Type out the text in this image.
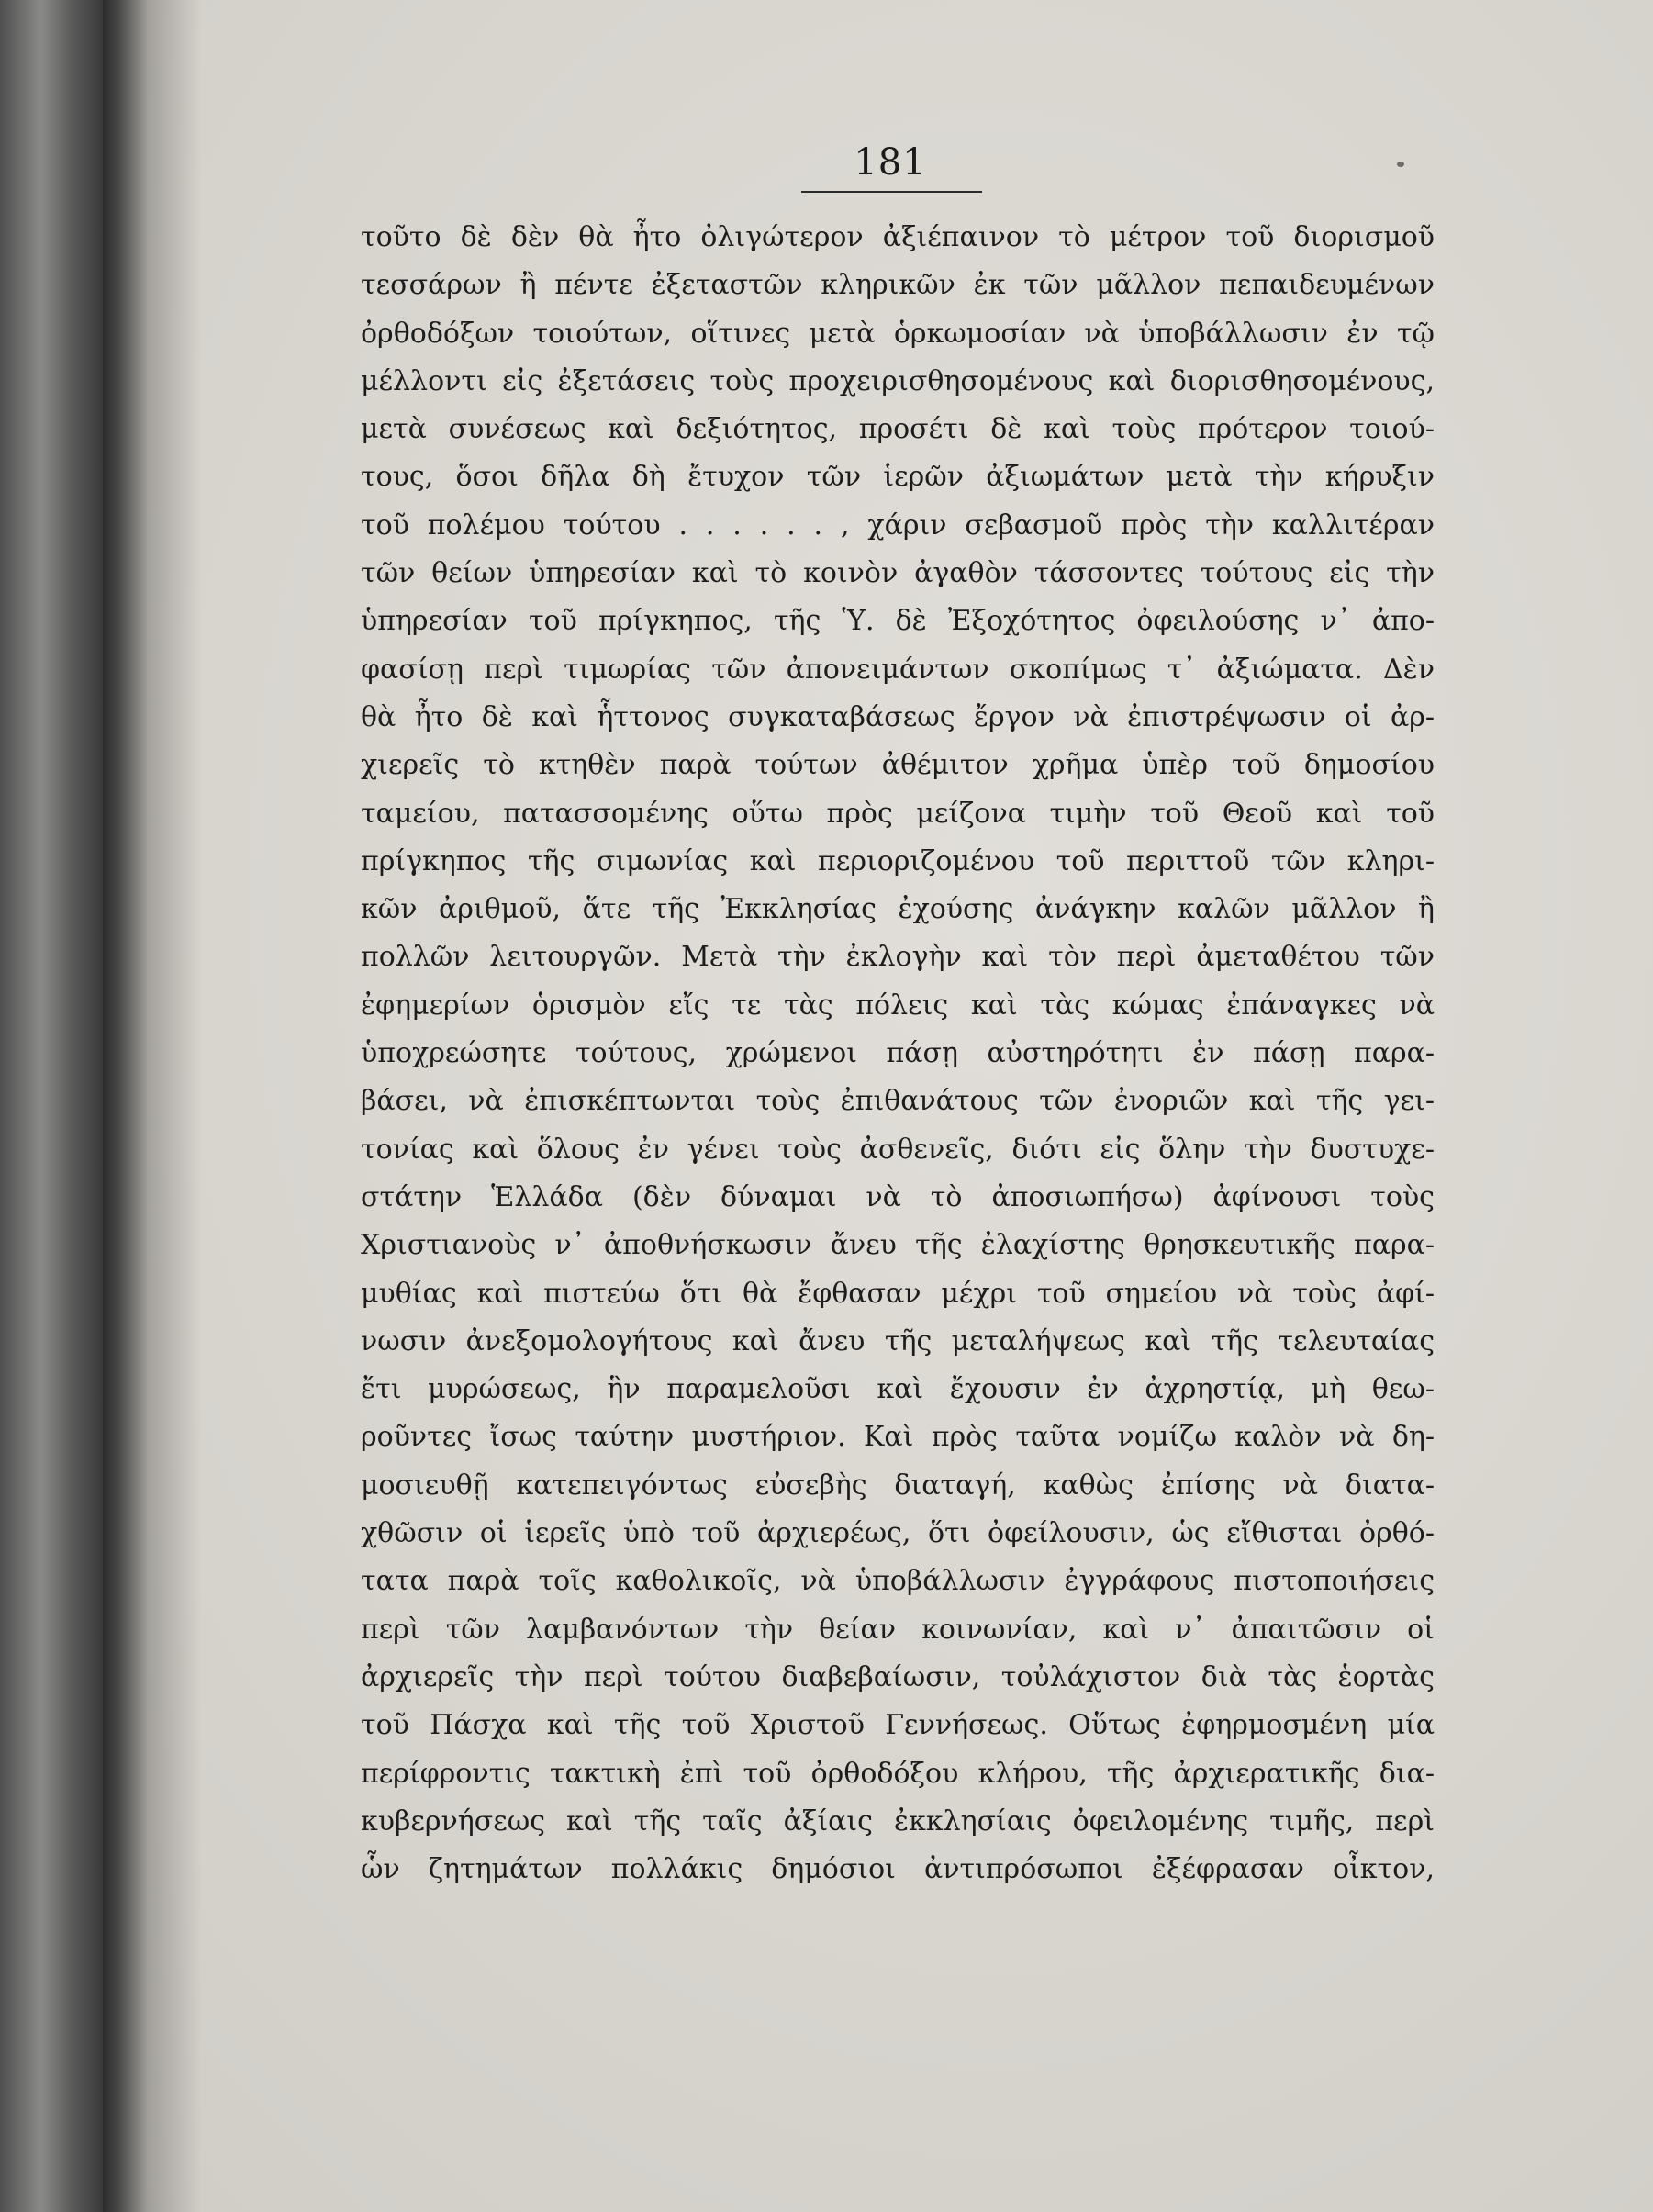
181
τοῦτο δὲ δὲν θὰ ἦτο ὀλιγώτερον ἀξιέπαινον τὸ μέτρον τοῦ διορισμοῦ
τεσσάρων ἢ πέντε ἐξεταστῶν κληρικῶν ἐκ τῶν μᾶλλον πεπαιδευμένων
ὀρθοδόξων τοιούτων, οἵτινες μετὰ ὁρκωμοσίαν νὰ ὑποβάλλωσιν ἐν τῷ
μέλλοντι εἰς ἐξετάσεις τοὺς προχειρισθησομένους καὶ διορισθησομένους,
μετὰ συνέσεως καὶ δεξιότητος, προσέτι δὲ καὶ τοὺς πρότερον τοιού-
τους, ὅσοι δῆλα δὴ ἔτυχον τῶν ἱερῶν ἀξιωμάτων μετὰ τὴν κήρυξιν
τοῦ πολέμου τούτου . . . . . . , χάριν σεβασμοῦ πρὸς τὴν καλλιτέραν
τῶν θείων ὑπηρεσίαν καὶ τὸ κοινὸν ἀγαθὸν τάσσοντες τούτους εἰς τὴν
ὑπηρεσίαν τοῦ πρίγκηπος, τῆς Ὑ. δὲ Ἐξοχότητος ὀφειλούσης ν᾿ ἀπο-
φασίσῃ περὶ τιμωρίας τῶν ἀπονειμάντων σκοπίμως τ᾿ ἀξιώματα. Δὲν
θὰ ἦτο δὲ καὶ ἧττονος συγκαταβάσεως ἔργον νὰ ἐπιστρέψωσιν οἱ ἀρ-
χιερεῖς τὸ κτηθὲν παρὰ τούτων ἀθέμιτον χρῆμα ὑπὲρ τοῦ δημοσίου
ταμείου, πατασσομένης οὕτω πρὸς μείζονα τιμὴν τοῦ Θεοῦ καὶ τοῦ
πρίγκηπος τῆς σιμωνίας καὶ περιοριζομένου τοῦ περιττοῦ τῶν κληρι-
κῶν ἀριθμοῦ, ἅτε τῆς Ἐκκλησίας ἐχούσης ἀνάγκην καλῶν μᾶλλον ἢ
πολλῶν λειτουργῶν. Μετὰ τὴν ἐκλογὴν καὶ τὸν περὶ ἀμεταθέτου τῶν
ἐφημερίων ὁρισμὸν εἴς τε τὰς πόλεις καὶ τὰς κώμας ἐπάναγκες νὰ
ὑποχρεώσητε τούτους, χρώμενοι πάσῃ αὐστηρότητι ἐν πάσῃ παρα-
βάσει, νὰ ἐπισκέπτωνται τοὺς ἐπιθανάτους τῶν ἐνοριῶν καὶ τῆς γει-
τονίας καὶ ὅλους ἐν γένει τοὺς ἀσθενεῖς, διότι εἰς ὅλην τὴν δυστυχε-
στάτην Ἑλλάδα (δὲν δύναμαι νὰ τὸ ἀποσιωπήσω) ἀφίνουσι τοὺς
Χριστιανοὺς ν᾿ ἀποθνήσκωσιν ἄνευ τῆς ἐλαχίστης θρησκευτικῆς παρα-
μυθίας καὶ πιστεύω ὅτι θὰ ἔφθασαν μέχρι τοῦ σημείου νὰ τοὺς ἀφί-
νωσιν ἀνεξομολογήτους καὶ ἄνευ τῆς μεταλήψεως καὶ τῆς τελευταίας
ἔτι μυρώσεως, ἣν παραμελοῦσι καὶ ἔχουσιν ἐν ἀχρηστίᾳ, μὴ θεω-
ροῦντες ἴσως ταύτην μυστήριον. Καὶ πρὸς ταῦτα νομίζω καλὸν νὰ δη-
μοσιευθῇ κατεπειγόντως εὐσεβὴς διαταγή, καθὼς ἐπίσης νὰ διατα-
χθῶσιν οἱ ἱερεῖς ὑπὸ τοῦ ἀρχιερέως, ὅτι ὀφείλουσιν, ὡς εἴθισται ὀρθό-
τατα παρὰ τοῖς καθολικοῖς, νὰ ὑποβάλλωσιν ἐγγράφους πιστοποιήσεις
περὶ τῶν λαμβανόντων τὴν θείαν κοινωνίαν, καὶ ν᾿ ἀπαιτῶσιν οἱ
ἀρχιερεῖς τὴν περὶ τούτου διαβεβαίωσιν, τοὐλάχιστον διὰ τὰς ἑορτὰς
τοῦ Πάσχα καὶ τῆς τοῦ Χριστοῦ Γεννήσεως. Οὕτως ἐφηρμοσμένη μία
περίφροντις τακτικὴ ἐπὶ τοῦ ὀρθοδόξου κλήρου, τῆς ἀρχιερατικῆς δια-
κυβερνήσεως καὶ τῆς ταῖς ἀξίαις ἐκκλησίαις ὀφειλομένης τιμῆς, περὶ
ὧν ζητημάτων πολλάκις δημόσιοι ἀντιπρόσωποι ἐξέφρασαν οἶκτον,
